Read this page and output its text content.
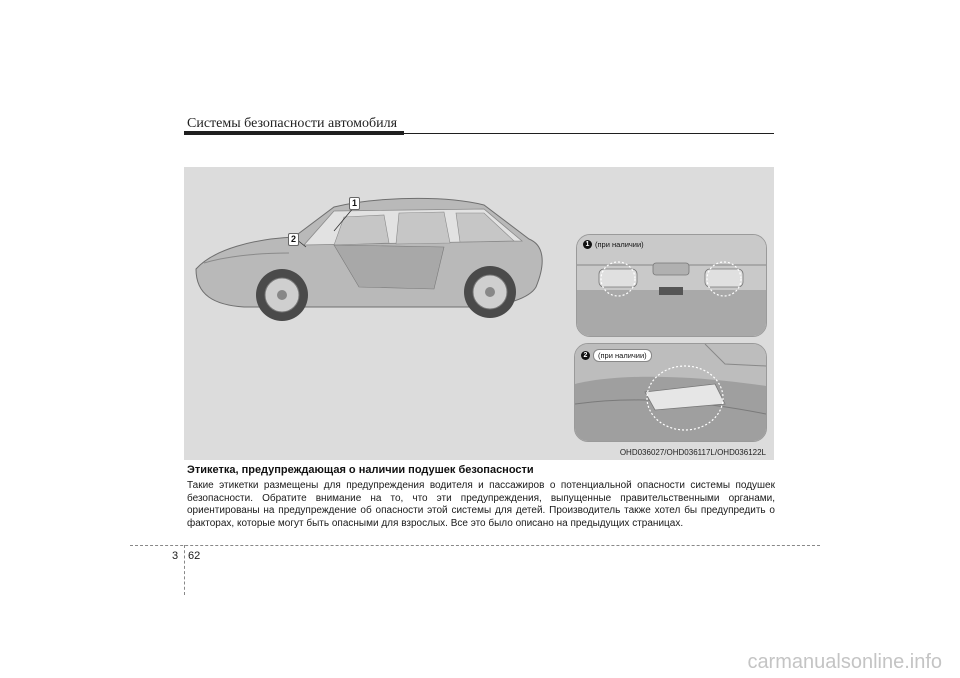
Системы безопасности автомобиля
1
2
1 (при наличии)
2	(при наличии)
OHD036027/OHD036117L/OHD036122L
Этикетка, предупреждающая о наличии подушек безопасности
Такие этикетки размещены для предупреждения водителя и пассажиров о потенциальной опасности системы подушек безопасности. Обратите внимание на то, что эти предупреждения, выпущенные правительственными органами, ориентированы на предупреждение об опасности этой системы для детей. Производитель также хотел бы предупредить о факторах, которые могут быть опасными для взрослых. Все это было описано на предыдущих страницах.
3 62
carmanualsonline.info
